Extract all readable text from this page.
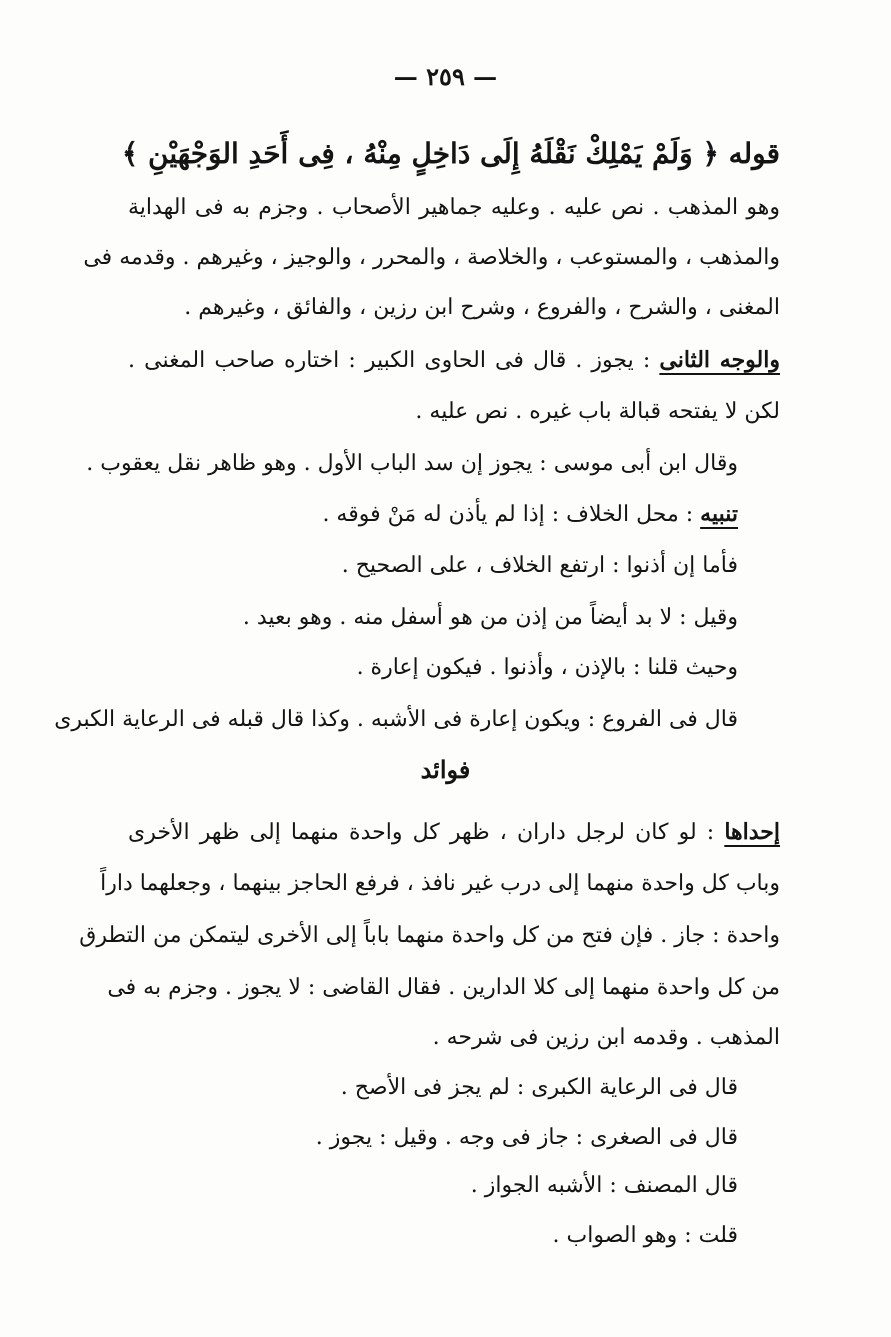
— ٢٥٩ —
قوله ﴿ وَلَمْ يَمْلِكْ نَقْلَهُ إِلَى دَاخِلٍ مِنْهُ ، فِى أَحَدِ الوَجْهَيْنِ ﴾
وهو المذهب . نص عليه . وعليه جماهير الأصحاب . وجزم به فى الهداية
والمذهب ، والمستوعب ، والخلاصة ، والمحرر ، والوجيز ، وغيرهم . وقدمه فى
المغنى ، والشرح ، والفروع ، وشرح ابن رزين ، والفائق ، وغيرهم .
والوجه الثانى : يجوز . قال فى الحاوى الكبير : اختاره صاحب المغنى .
لكن لا يفتحه قبالة باب غيره . نص عليه .
وقال ابن أبى موسى : يجوز إن سد الباب الأول . وهو ظاهر نقل يعقوب .
تنبيه : محل الخلاف : إذا لم يأذن له مَنْ فوقه .
فأما إن أذنوا : ارتفع الخلاف ، على الصحيح .
وقيل : لا بد أيضاً من إذن من هو أسفل منه . وهو بعيد .
وحيث قلنا : بالإذن ، وأذنوا . فيكون إعارة .
قال فى الفروع : ويكون إعارة فى الأشبه . وكذا قال قبله فى الرعاية الكبرى
فوائد
إحداها : لو كان لرجل داران ، ظهر كل واحدة منهما إلى ظهر الأخرى
وباب كل واحدة منهما إلى درب غير نافذ ، فرفع الحاجز بينهما ، وجعلهما داراً
واحدة : جاز . فإن فتح من كل واحدة منهما باباً إلى الأخرى ليتمكن من التطرق
من كل واحدة منهما إلى كلا الدارين . فقال القاضى : لا يجوز . وجزم به فى
المذهب . وقدمه ابن رزين فى شرحه .
قال فى الرعاية الكبرى : لم يجز فى الأصح .
قال فى الصغرى : جاز فى وجه . وقيل : يجوز .
قال المصنف : الأشبه الجواز .
قلت : وهو الصواب .
